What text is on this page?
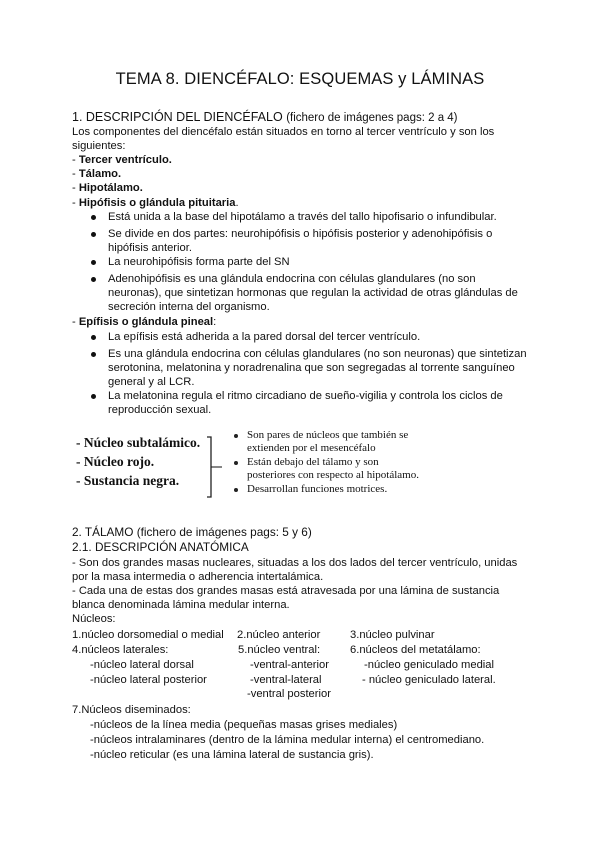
TEMA 8. DIENCÉFALO: ESQUEMAS y LÁMINAS
1. DESCRIPCIÓN DEL DIENCÉFALO (fichero de imágenes pags: 2 a 4)
Los componentes del diencéfalo están situados en torno al tercer ventrículo y son los
siguientes:
- Tercer ventrículo.
- Tálamo.
- Hipotálamo.
- Hipófisis o glándula pituitaria.
Está unida a la base del hipotálamo a través del tallo hipofisario o infundibular.
Se divide en dos partes: neurohipófisis o hipófisis posterior y adenohipófisis o
hipófisis anterior.
La neurohipófisis forma parte del SN
Adenohipófisis es una glándula endocrina con células glandulares (no son
neuronas), que sintetizan hormonas que regulan la actividad de otras glándulas de
secreción interna del organismo.
- Epífisis o glándula pineal:
La epífisis está adherida a la pared dorsal del tercer ventrículo.
Es una glándula endocrina con células glandulares (no son neuronas) que sintetizan
serotonina, melatonina y noradrenalina que son segregadas al torrente sanguíneo
general y al LCR.
La melatonina regula el ritmo circadiano de sueño-vigilia y controla los ciclos de
reproducción sexual.
- Núcleo subtalámico.
- Núcleo rojo.
- Sustancia negra.
Son pares de núcleos que también se
extienden por el mesencéfalo
Están debajo del tálamo y son
posteriores con respecto al hipotálamo.
Desarrollan funciones motrices.
2. TÁLAMO (fichero de imágenes pags: 5 y 6)
2.1. DESCRIPCIÓN ANATÓMICA
- Son dos grandes masas nucleares, situadas a los dos lados del tercer ventrículo, unidas
por la masa intermedia o adherencia intertalámica.
- Cada una de estas dos grandes masas está atravesada por una lámina de sustancia
blanca denominada lámina medular interna.
Núcleos:
1.núcleo dorsomedial o medial 2.núcleo anterior	3.núcleo pulvinar
4.núcleos laterales:	5.núcleo ventral:	6.núcleos del metatálamo:
-núcleo lateral dorsal	-ventral-anterior	-núcleo geniculado medial
-núcleo lateral posterior	-ventral-lateral	- núcleo geniculado lateral.
-ventral posterior
7.Núcleos diseminados:
-núcleos de la línea media (pequeñas masas grises mediales)
-núcleos intralaminares (dentro de la lámina medular interna) el centromediano.
-núcleo reticular (es una lámina lateral de sustancia gris).
